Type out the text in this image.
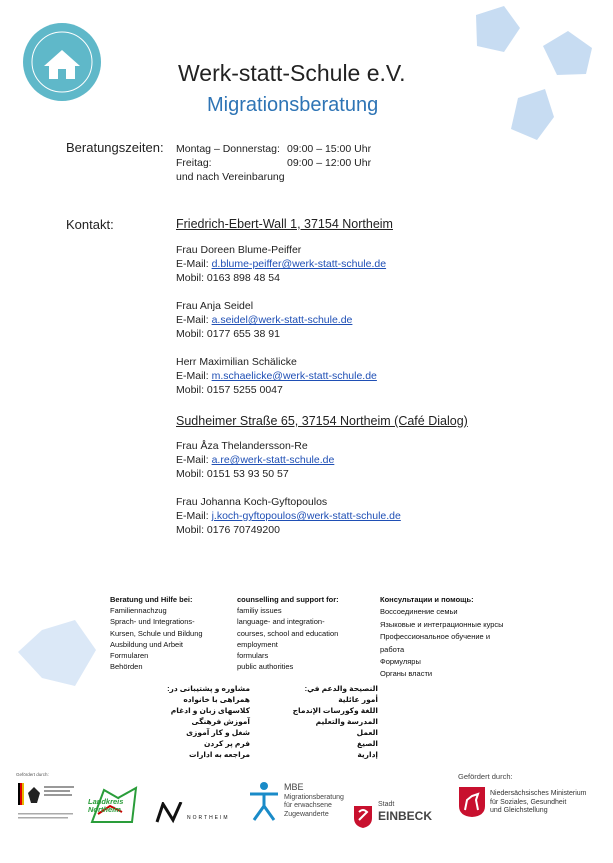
Werk-statt-Schule e.V.
Migrationsberatung
Beratungszeiten: Montag – Donnerstag: 09:00 – 15:00 Uhr
Freitag:	09:00 – 12:00 Uhr
und nach Vereinbarung
Kontakt:	Friedrich-Ebert-Wall 1, 37154 Northeim
Frau Doreen Blume-Peiffer
E-Mail: d.blume-peiffer@werk-statt-schule.de
Mobil: 0163 898 48 54
Frau Anja Seidel
E-Mail: a.seidel@werk-statt-schule.de
Mobil: 0177 655 38 91
Herr Maximilian Schälicke
E-Mail: m.schaelicke@werk-statt-schule.de
Mobil: 0157 5255 0047
Sudheimer Straße 65, 37154 Northeim (Café Dialog)
Frau Åza Thelandersson-Re
E-Mail: a.re@werk-statt-schule.de
Mobil: 0151 53 93 50 57
Frau Johanna Koch-Gyftopoulos
E-Mail: j.koch-gyftopoulos@werk-statt-schule.de
Mobil: 0176 70749200
Beratung und Hilfe bei:
Familiennachzug
Sprach- und Integrations-
Kursen, Schule und Bildung
Ausbildung und Arbeit
Formularen
Behörden
counselling and support for:
familiy issues
language- and integration-
courses, school and education
employment
formulars
public authorities
Консультации и помощь:
Воссоединение семьи
Языковые и интеграционные курсы
Профессиональное обучение и
работа
Формуляры
Органы власти
مشاوره و پشتیبانی در:
همراهی با خانواده
کلاسهای زبان و ادغام
آموزش فرهنگی
شغل و کار آموزی
فرم پر کردن
مراجعه به ادارات
النصيحة والدعم في:
أمور عائلية
اللغة وكورسات الإندماج
المدرسة والتعليم
العمل
الصيغ
إدارية
Gefördert durch:
Landkreis Northeim
NORTHEIM
MBE
Migrationsberatung
für erwachsene
Zugewanderte
Stadt
EINBECK
Gefördert durch:
Niedersächsisches Ministerium
für Soziales, Gesundheit
und Gleichstellung
